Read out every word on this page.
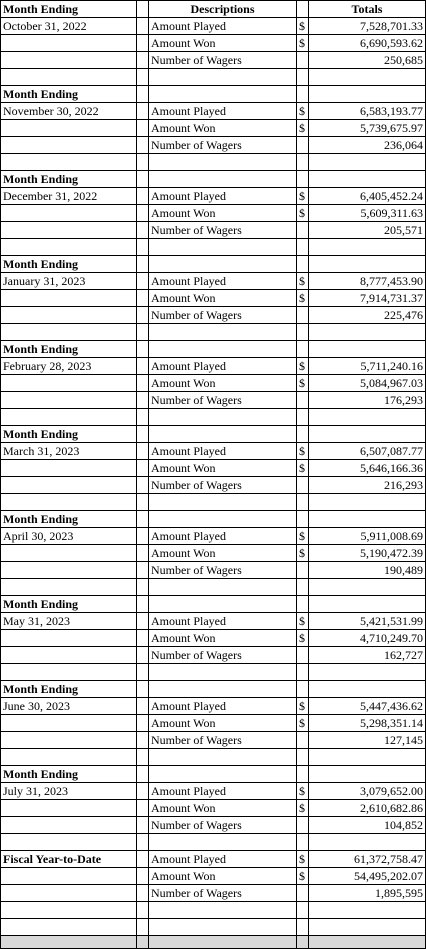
Month Ending		Descriptions		Totals
October 31, 2022		Amount Played	$	7,528,701.33
		Amount Won	$	6,690,593.62
		Number of Wagers		250,685

Month Ending				
November 30, 2022		Amount Played	$	6,583,193.77
		Amount Won	$	5,739,675.97
		Number of Wagers		236,064

Month Ending				
December 31, 2022		Amount Played	$	6,405,452.24
		Amount Won	$	5,609,311.63
		Number of Wagers		205,571

Month Ending				
January 31, 2023		Amount Played	$	8,777,453.90
		Amount Won	$	7,914,731.37
		Number of Wagers		225,476

Month Ending				
February 28, 2023		Amount Played	$	5,711,240.16
		Amount Won	$	5,084,967.03
		Number of Wagers		176,293

Month Ending				
March 31, 2023		Amount Played	$	6,507,087.77
		Amount Won	$	5,646,166.36
		Number of Wagers		216,293

Month Ending				
April 30, 2023		Amount Played	$	5,911,008.69
		Amount Won	$	5,190,472.39
		Number of Wagers		190,489

Month Ending				
May 31, 2023		Amount Played	$	5,421,531.99
		Amount Won	$	4,710,249.70
		Number of Wagers		162,727

Month Ending				
June 30, 2023		Amount Played	$	5,447,436.62
		Amount Won	$	5,298,351.14
		Number of Wagers		127,145

Month Ending				
July 31, 2023		Amount Played	$	3,079,652.00
		Amount Won	$	2,610,682.86
		Number of Wagers		104,852

Fiscal Year-to-Date		Amount Played	$	61,372,758.47
		Amount Won	$	54,495,202.07
		Number of Wagers		1,895,595
